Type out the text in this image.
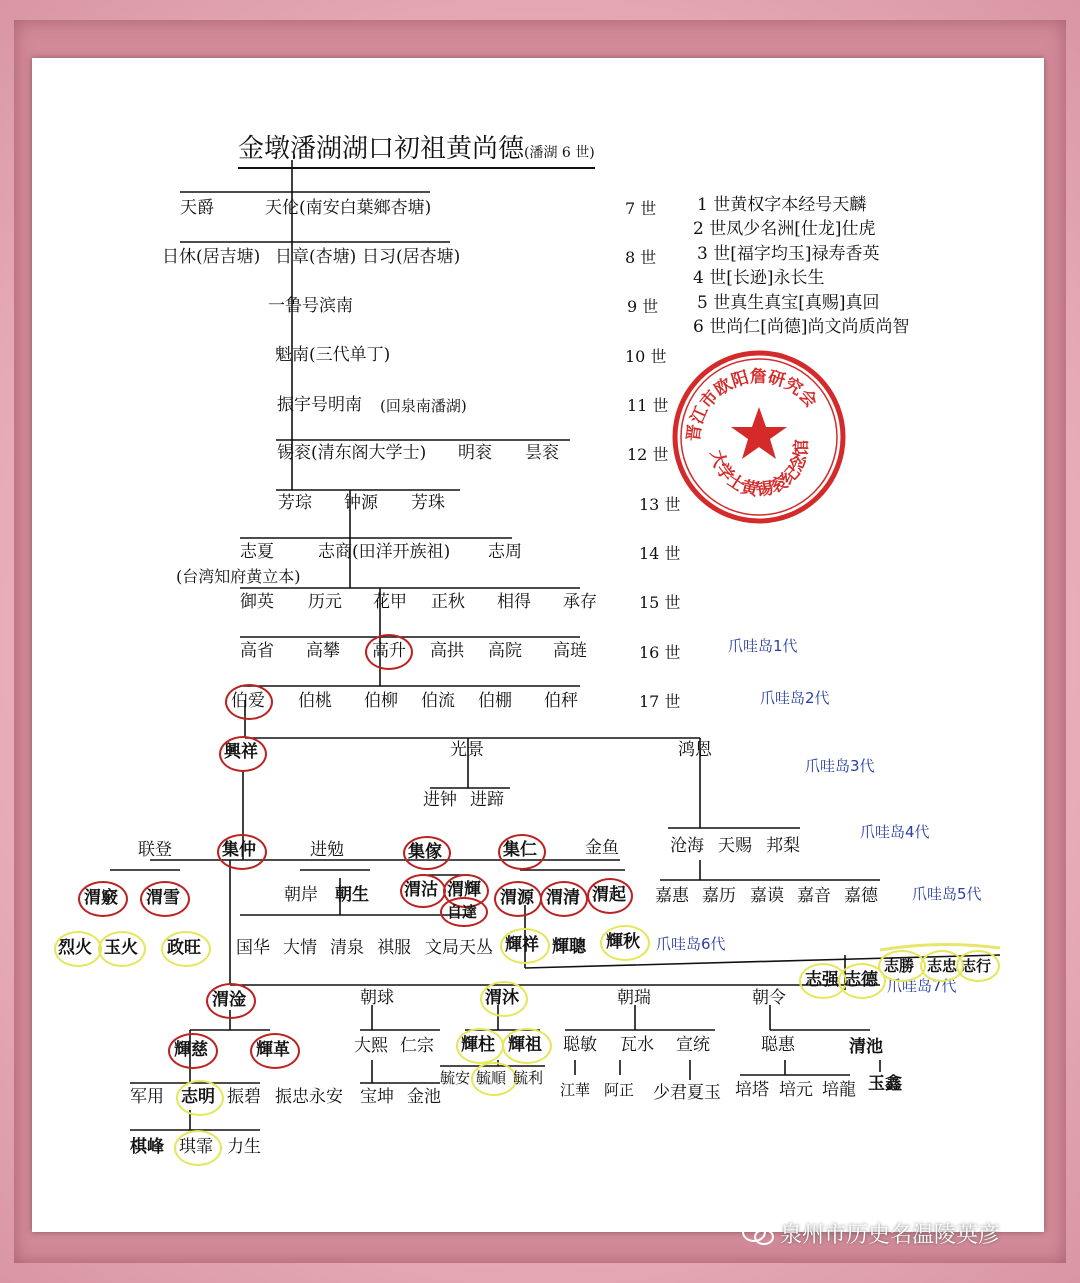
金墩潘湖湖口初祖黄尚德(潘湖 6 世)
7 世
8 世
9 世
10 世
11 世
12 世
13 世
14 世
15 世
16 世
17 世
1 世黄权字本经号天麟
2 世凤少名洲[仕龙]仕虎
3 世[福字均玉]禄寿香英
4 世[长逊]永长生
5 世真生真宝[真赐]真回
6 世尚仁[尚德]尚文尚质尚智
晋江市欧阳詹研究会
大学士黄锡衮纪念馆
天爵	天伦(南安白葉鄉杏塘)
日休(居吉塘) 日章(杏塘) 日习(居杏塘)
一鲁号滨南
魁南(三代单丁)
振宇号明南 (回泉南潘湖)
锡衮(清东阁大学士) 明衮 昙衮
芳琮 钟源 芳珠
志夏	志商(田洋开族祖) 志周
(台湾知府黄立本)
御英 历元 花甲 正秋 相得 承存
高省 高攀 高升 高拱 高院 高琏
伯爱 伯桃 伯柳 伯流 伯棚 伯秤
爪哇岛1代
爪哇岛2代
爪哇岛3代
爪哇岛4代
爪哇岛5代
爪哇岛6代
爪哇岛7代
興祥	光景	鸿恩
进钟 进蹄
联登	集仲	进勉	集傢	集仁	金鱼	沧海 天赐 邦梨
渭竅 渭雪	朝岸 朝生 渭沽 渭輝
自達
渭源 渭清 渭起 嘉惠 嘉历 嘉谟 嘉音 嘉德
烈火 玉火 政旺 国华 大情 清泉 祺服 文局天丛 輝祥 輝聰 輝秋
志勝 志忠 志行
志强 志德
渭淦	朝球	渭沐	朝瑞	朝令
輝慈	輝革	大熙 仁宗 輝柱 輝祖 聪敏 瓦水 宣统	聪惠	清池
军用 志明 振碧 振忠永安 宝坤 金池
毓安 毓順 毓利
江華 阿正 少君夏玉 培塔 培元 培龍 玉鑫
棋峰 琪霏 力生
泉州市历史名温陵英彦
